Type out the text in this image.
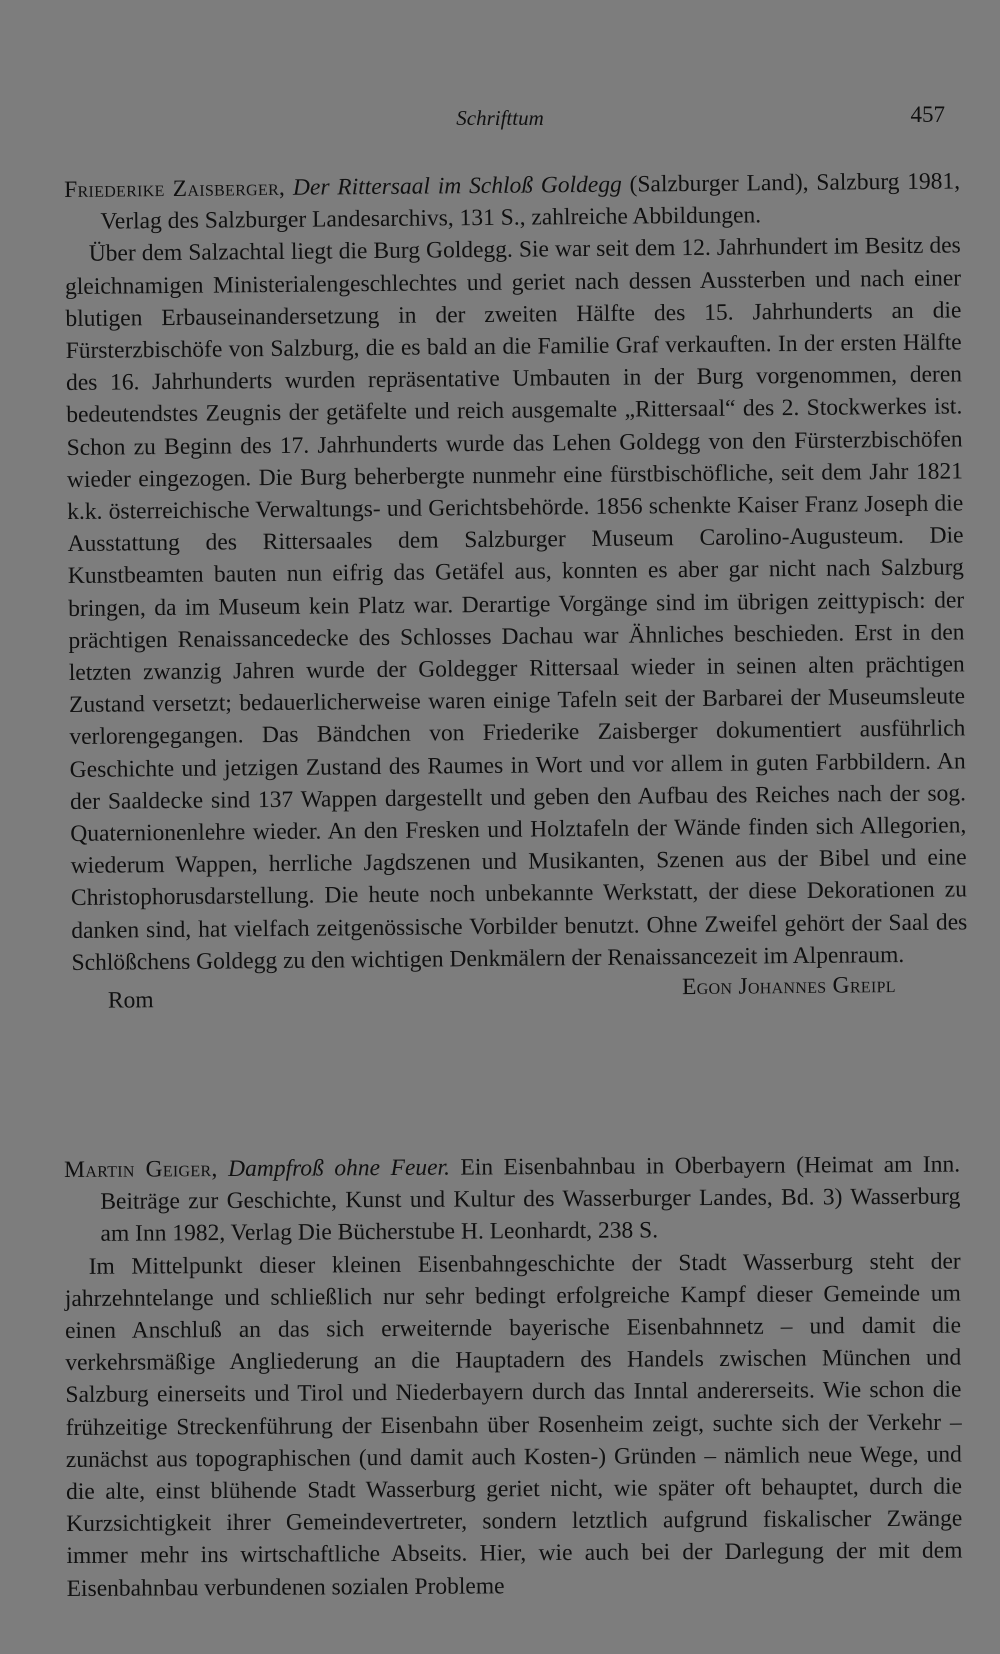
Schrifttum	457

Friederike Zaisberger, Der Rittersaal im Schloß Goldegg (Salzburger Land), Salzburg 1981, Verlag des Salzburger Landesarchivs, 131 S., zahlreiche Abbildungen.

Über dem Salzachtal liegt die Burg Goldegg. Sie war seit dem 12. Jahrhundert im Besitz des gleichnamigen Ministerialengeschlechtes und geriet nach dessen Aussterben und nach einer blutigen Erbauseinandersetzung in der zweiten Hälfte des 15. Jahrhunderts an die Fürsterzbischöfe von Salzburg, die es bald an die Familie Graf verkauften. In der ersten Hälfte des 16. Jahrhunderts wurden repräsentative Umbauten in der Burg vorgenommen, deren bedeutendstes Zeugnis der getäfelte und reich ausgemalte „Rittersaal“ des 2. Stockwerkes ist. Schon zu Beginn des 17. Jahrhunderts wurde das Lehen Goldegg von den Fürsterzbischöfen wieder eingezogen. Die Burg beherbergte nunmehr eine fürstbischöfliche, seit dem Jahr 1821 k.k. österreichische Verwaltungs- und Gerichtsbehörde. 1856 schenkte Kaiser Franz Joseph die Ausstattung des Rittersaales dem Salzburger Museum Carolino-Augusteum. Die Kunstbeamten bauten nun eifrig das Getäfel aus, konnten es aber gar nicht nach Salzburg bringen, da im Museum kein Platz war. Derartige Vorgänge sind im übrigen zeittypisch: der prächtigen Renaissancedecke des Schlosses Dachau war Ähnliches beschieden. Erst in den letzten zwanzig Jahren wurde der Goldegger Rittersaal wieder in seinen alten prächtigen Zustand versetzt; bedauerlicherweise waren einige Tafeln seit der Barbarei der Museumsleute verlorengegangen. Das Bändchen von Friederike Zaisberger dokumentiert ausführlich Geschichte und jetzigen Zustand des Raumes in Wort und vor allem in guten Farbbildern. An der Saaldecke sind 137 Wappen dargestellt und geben den Aufbau des Reiches nach der sog. Quaternionenlehre wieder. An den Fresken und Holztafeln der Wände finden sich Allegorien, wiederum Wappen, herrliche Jagdszenen und Musikanten, Szenen aus der Bibel und eine Christophorusdarstellung. Die heute noch unbekannte Werkstatt, der diese Dekorationen zu danken sind, hat vielfach zeitgenössische Vorbilder benutzt. Ohne Zweifel gehört der Saal des Schlößchens Goldegg zu den wichtigen Denkmälern der Renaissancezeit im Alpenraum.

Rom
Egon Johannes Greipl

Martin Geiger, Dampfroß ohne Feuer. Ein Eisenbahnbau in Oberbayern (Heimat am Inn. Beiträge zur Geschichte, Kunst und Kultur des Wasserburger Landes, Bd. 3) Wasserburg am Inn 1982, Verlag Die Bücherstube H. Leonhardt, 238 S.

Im Mittelpunkt dieser kleinen Eisenbahngeschichte der Stadt Wasserburg steht der jahrzehntelange und schließlich nur sehr bedingt erfolgreiche Kampf dieser Gemeinde um einen Anschluß an das sich erweiternde bayerische Eisenbahnnetz – und damit die verkehrsmäßige Angliederung an die Hauptadern des Handels zwischen München und Salzburg einerseits und Tirol und Niederbayern durch das Inntal andererseits. Wie schon die frühzeitige Streckenführung der Eisenbahn über Rosenheim zeigt, suchte sich der Verkehr – zunächst aus topographischen (und damit auch Kosten-) Gründen – nämlich neue Wege, und die alte, einst blühende Stadt Wasserburg geriet nicht, wie später oft behauptet, durch die Kurzsichtigkeit ihrer Gemeindevertreter, sondern letztlich aufgrund fiskalischer Zwänge immer mehr ins wirtschaftliche Abseits. Hier, wie auch bei der Darlegung der mit dem Eisenbahnbau verbundenen sozialen Probleme
